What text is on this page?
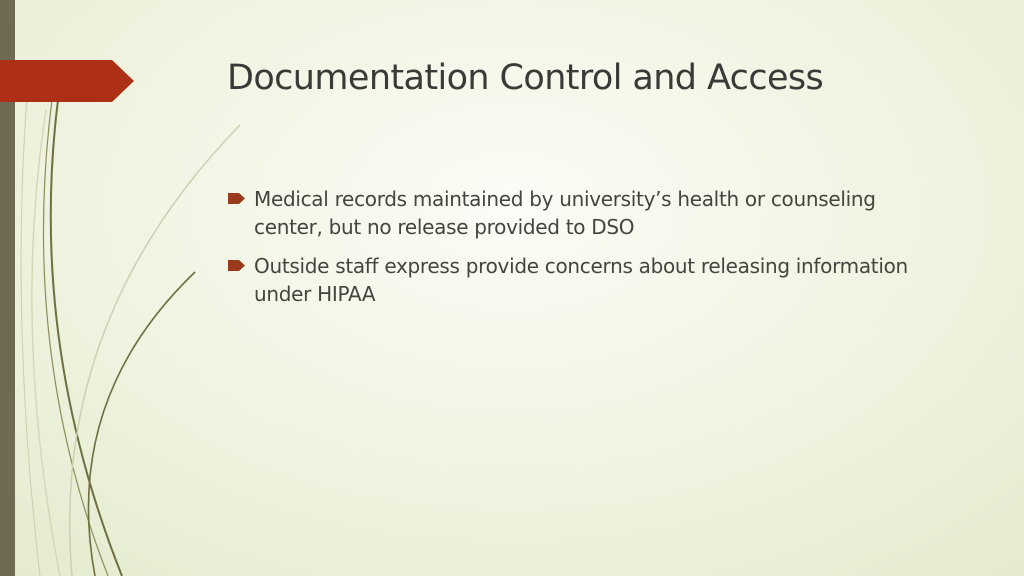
Documentation Control and Access
Medical records maintained by university’s health or counseling center, but no release provided to DSO
Outside staff express provide concerns about releasing information under HIPAA
